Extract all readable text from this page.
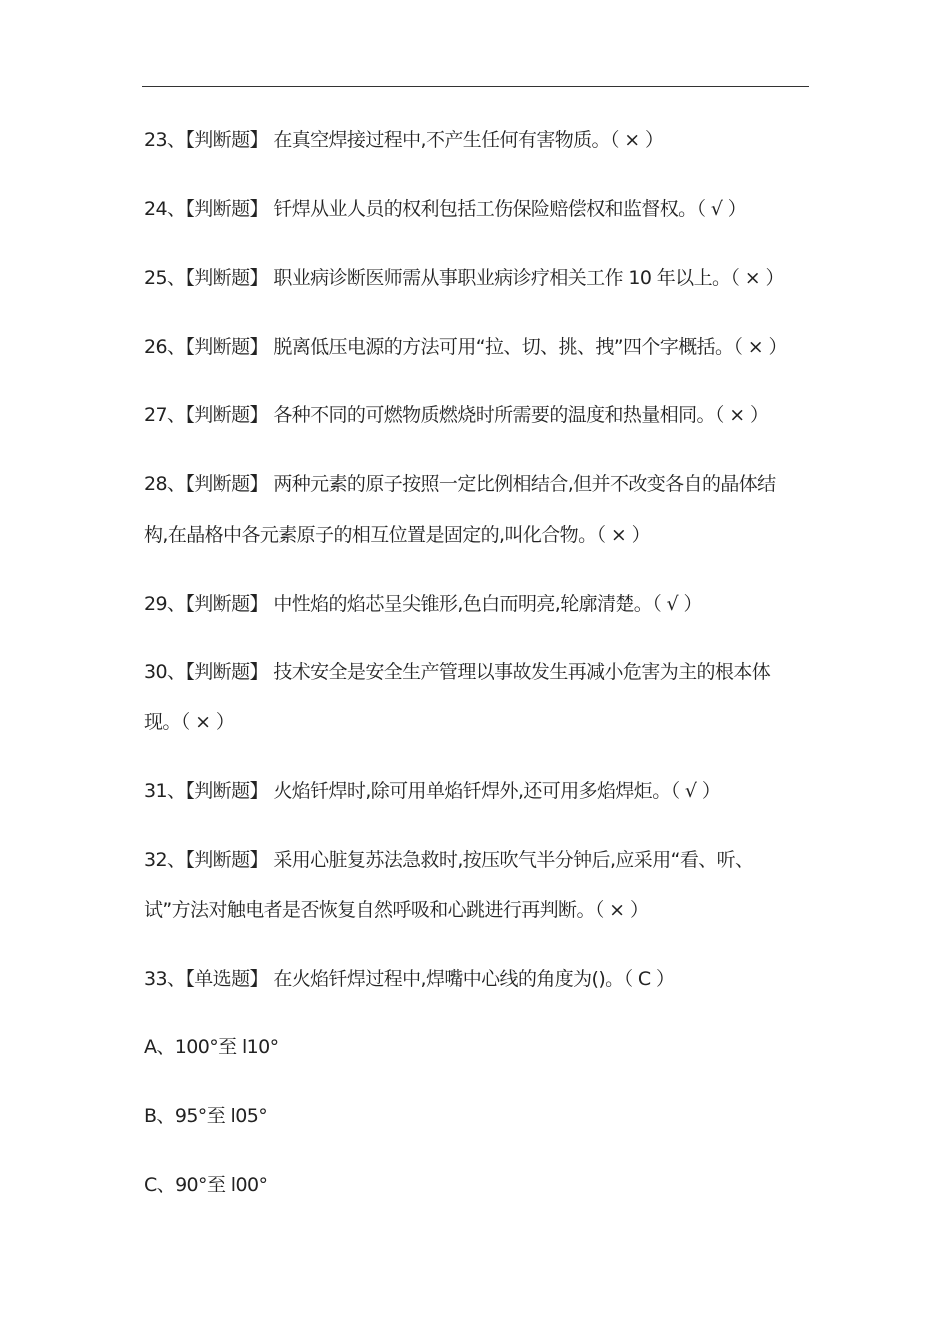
23、【判断题】 在真空焊接过程中,不产生任何有害物质。（ × ）
24、【判断题】 钎焊从业人员的权利包括工伤保险赔偿权和监督权。（ √ ）
25、【判断题】 职业病诊断医师需从事职业病诊疗相关工作 10 年以上。（ × ）
26、【判断题】 脱离低压电源的方法可用“拉、切、挑、拽”四个字概括。（ × ）
27、【判断题】 各种不同的可燃物质燃烧时所需要的温度和热量相同。（ × ）
28、【判断题】 两种元素的原子按照一定比例相结合,但并不改变各自的晶体结
构,在晶格中各元素原子的相互位置是固定的,叫化合物。（ × ）
29、【判断题】 中性焰的焰芯呈尖锥形,色白而明亮,轮廓清楚。（ √ ）
30、【判断题】 技术安全是安全生产管理以事故发生再减小危害为主的根本体
现。（ × ）
31、【判断题】 火焰钎焊时,除可用单焰钎焊外,还可用多焰焊炬。（ √ ）
32、【判断题】 采用心脏复苏法急救时,按压吹气半分钟后,应采用“看、听、
试”方法对触电者是否恢复自然呼吸和心跳进行再判断。（ × ）
33、【单选题】 在火焰钎焊过程中,焊嘴中心线的角度为()。（ C ）
A、100°至 l10°
B、95°至 l05°
C、90°至 l00°
